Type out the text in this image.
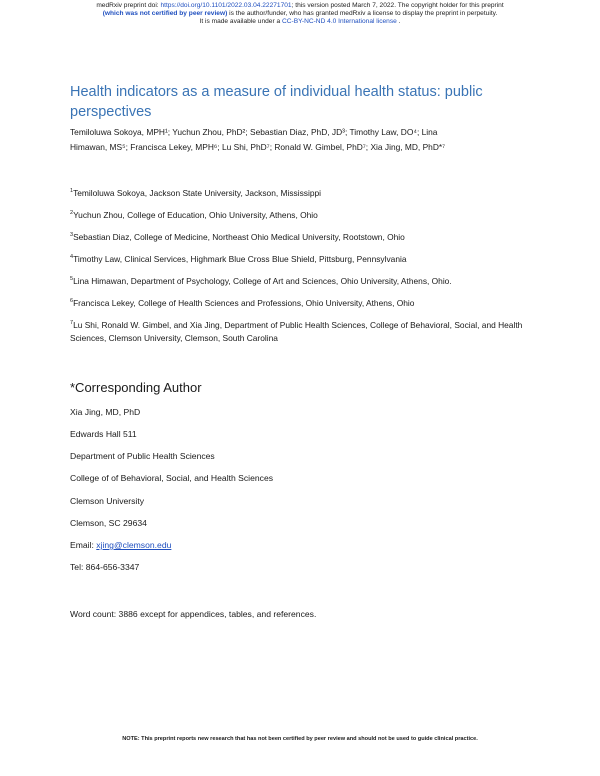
medRxiv preprint doi: https://doi.org/10.1101/2022.03.04.22271701; this version posted March 7, 2022. The copyright holder for this preprint
(which was not certified by peer review) is the author/funder, who has granted medRxiv a license to display the preprint in perpetuity.
It is made available under a CC-BY-NC-ND 4.0 International license .
Health indicators as a measure of individual health status: public perspectives
Temiloluwa Sokoya, MPH¹; Yuchun Zhou, PhD²; Sebastian Diaz, PhD, JD³; Timothy Law, DO⁴; Lina
Himawan, MS⁵; Francisca Lekey, MPH⁶; Lu Shi, PhD⁷; Ronald W. Gimbel, PhD⁷; Xia Jing, MD, PhD*⁷
$^1$Temiloluwa Sokoya, Jackson State University, Jackson, Mississippi
$^2$Yuchun Zhou, College of Education, Ohio University, Athens, Ohio
$^3$Sebastian Diaz, College of Medicine, Northeast Ohio Medical University, Rootstown, Ohio
$^4$Timothy Law, Clinical Services, Highmark Blue Cross Blue Shield, Pittsburg, Pennsylvania
$^5$Lina Himawan, Department of Psychology, College of Art and Sciences, Ohio University, Athens, Ohio.
$^6$Francisca Lekey, College of Health Sciences and Professions, Ohio University, Athens, Ohio
$^7$Lu Shi, Ronald W. Gimbel, and Xia Jing, Department of Public Health Sciences, College of Behavioral, Social, and Health Sciences, Clemson University, Clemson, South Carolina
*Corresponding Author
Xia Jing, MD, PhD
Edwards Hall 511
Department of Public Health Sciences
College of of Behavioral, Social, and Health Sciences
Clemson University
Clemson, SC 29634
Email: xjing@clemson.edu
Tel: 864-656-3347
Word count: 3886 except for appendices, tables, and references.
NOTE: This preprint reports new research that has not been certified by peer review and should not be used to guide clinical practice.
